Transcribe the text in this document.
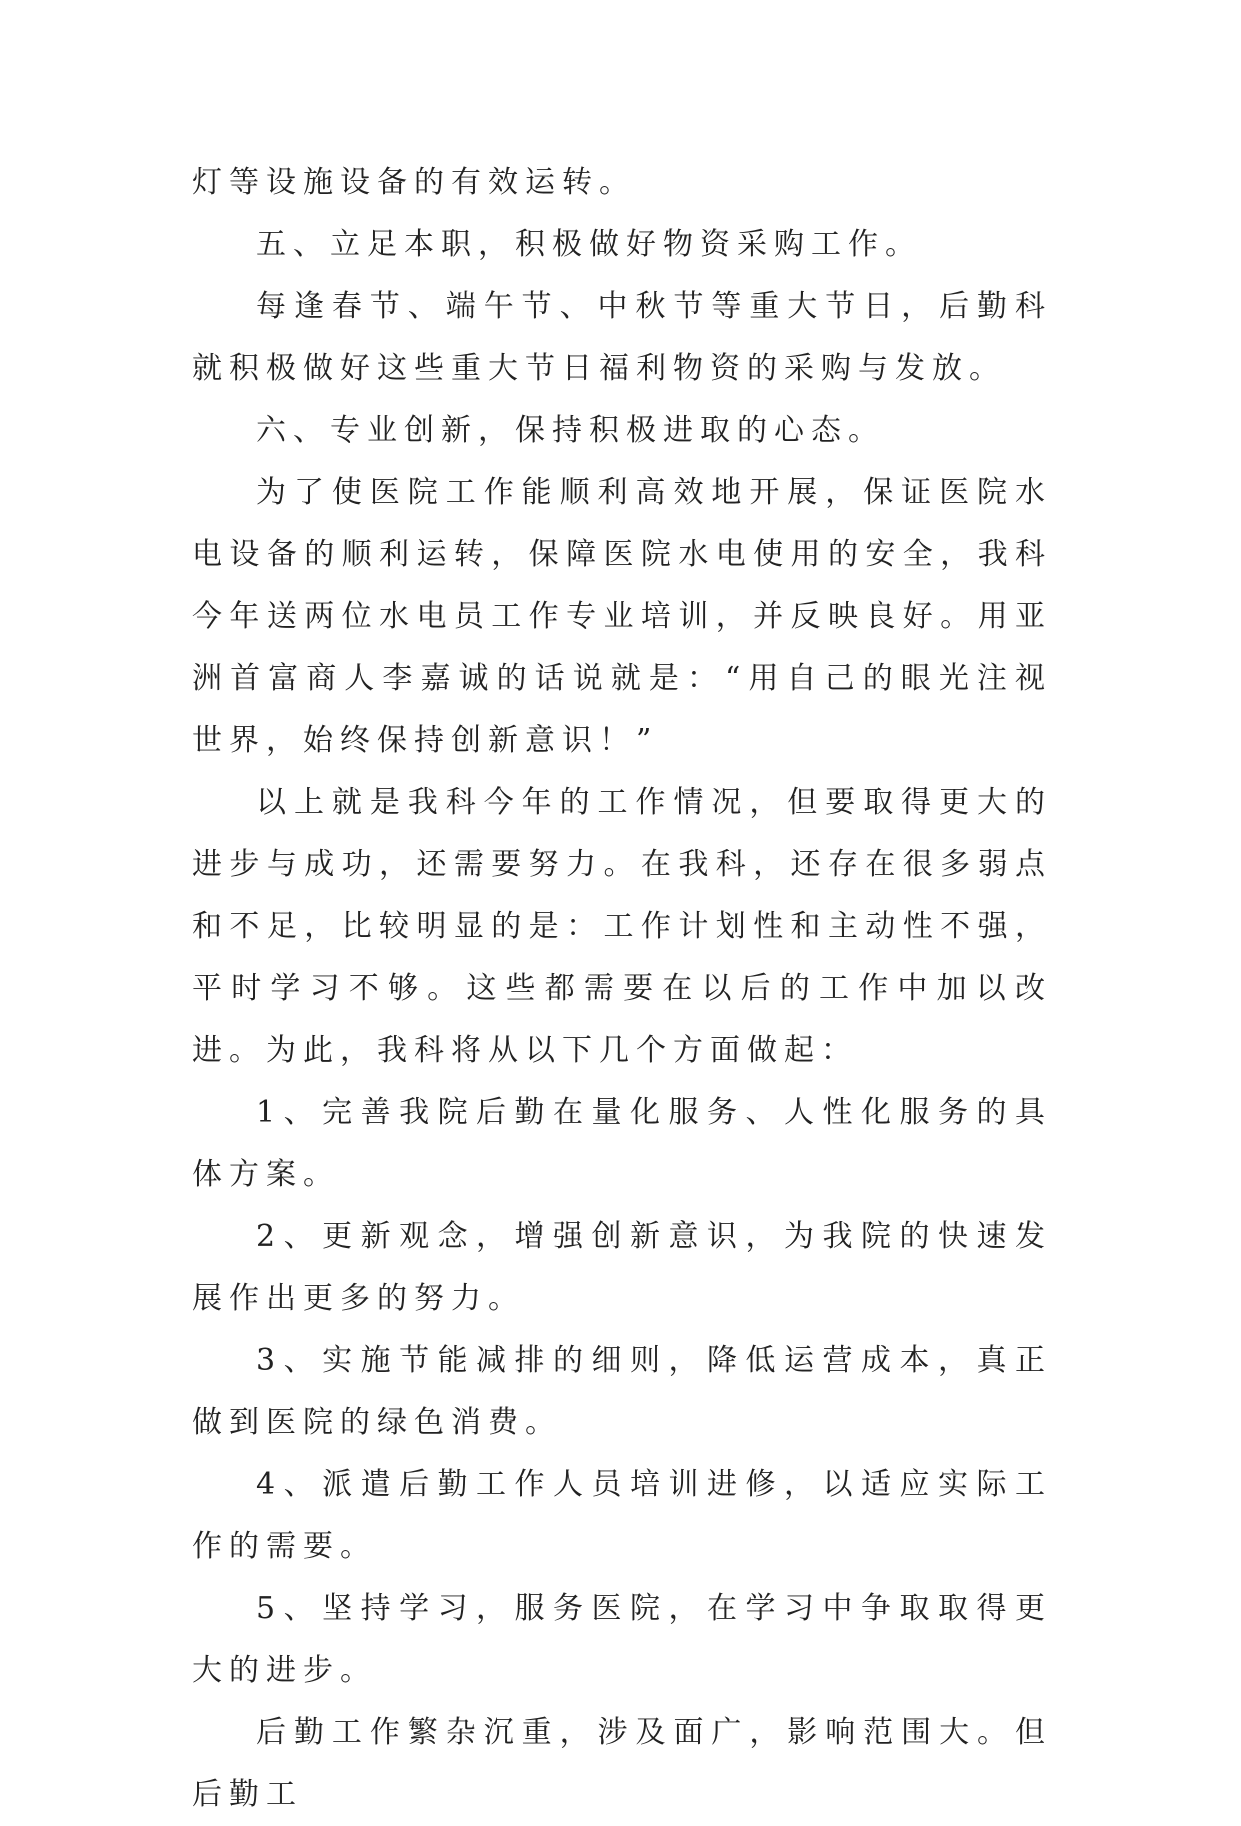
灯等设施设备的有效运转。

五、立足本职，积极做好物资采购工作。

每逢春节、端午节、中秋节等重大节日，后勤科就积极做好这些重大节日福利物资的采购与发放。

六、专业创新，保持积极进取的心态。

为了使医院工作能顺利高效地开展，保证医院水电设备的顺利运转，保障医院水电使用的安全，我科今年送两位水电员工作专业培训，并反映良好。用亚洲首富商人李嘉诚的话说就是：“用自己的眼光注视世界，始终保持创新意识！”

以上就是我科今年的工作情况，但要取得更大的进步与成功，还需要努力。在我科，还存在很多弱点和不足，比较明显的是：工作计划性和主动性不强，平时学习不够。这些都需要在以后的工作中加以改进。为此，我科将从以下几个方面做起：

1、完善我院后勤在量化服务、人性化服务的具体方案。

2、更新观念，增强创新意识，为我院的快速发展作出更多的努力。

3、实施节能减排的细则，降低运营成本，真正做到医院的绿色消费。

4、派遣后勤工作人员培训进修，以适应实际工作的需要。

5、坚持学习，服务医院，在学习中争取取得更大的进步。

后勤工作繁杂沉重，涉及面广，影响范围大。但后勤工
